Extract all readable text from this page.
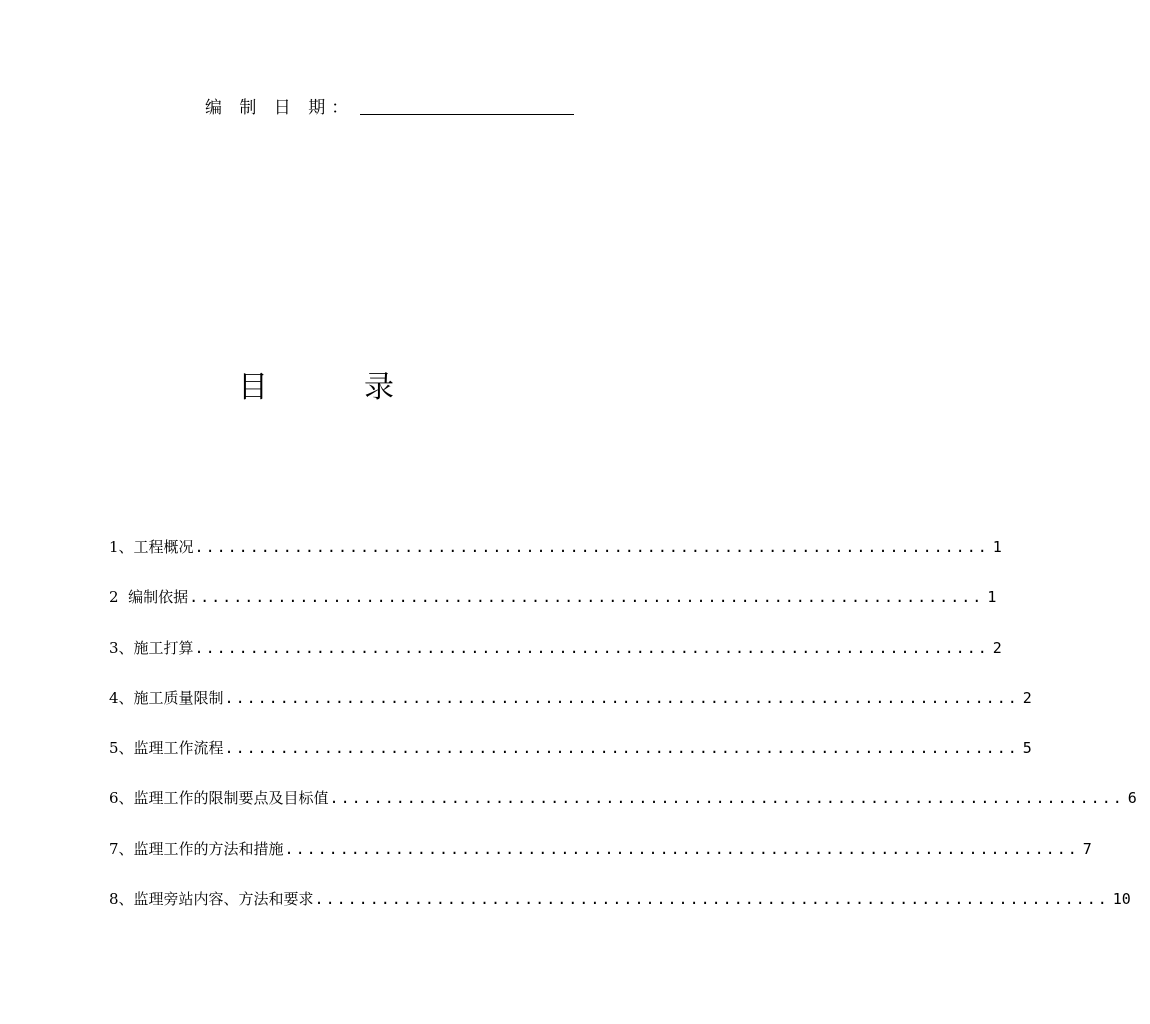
编 制 日 期：
目	录
1、工程概况 ........................................................................ 1
2  编制依据 ........................................................................ 1
3、施工打算 ........................................................................ 2
4、施工质量限制 ........................................................................ 2
5、监理工作流程 ........................................................................ 5
6、监理工作的限制要点及目标值 ........................................................................ 6
7、监理工作的方法和措施 ........................................................................ 7
8、监理旁站内容、方法和要求 ........................................................................ 10
